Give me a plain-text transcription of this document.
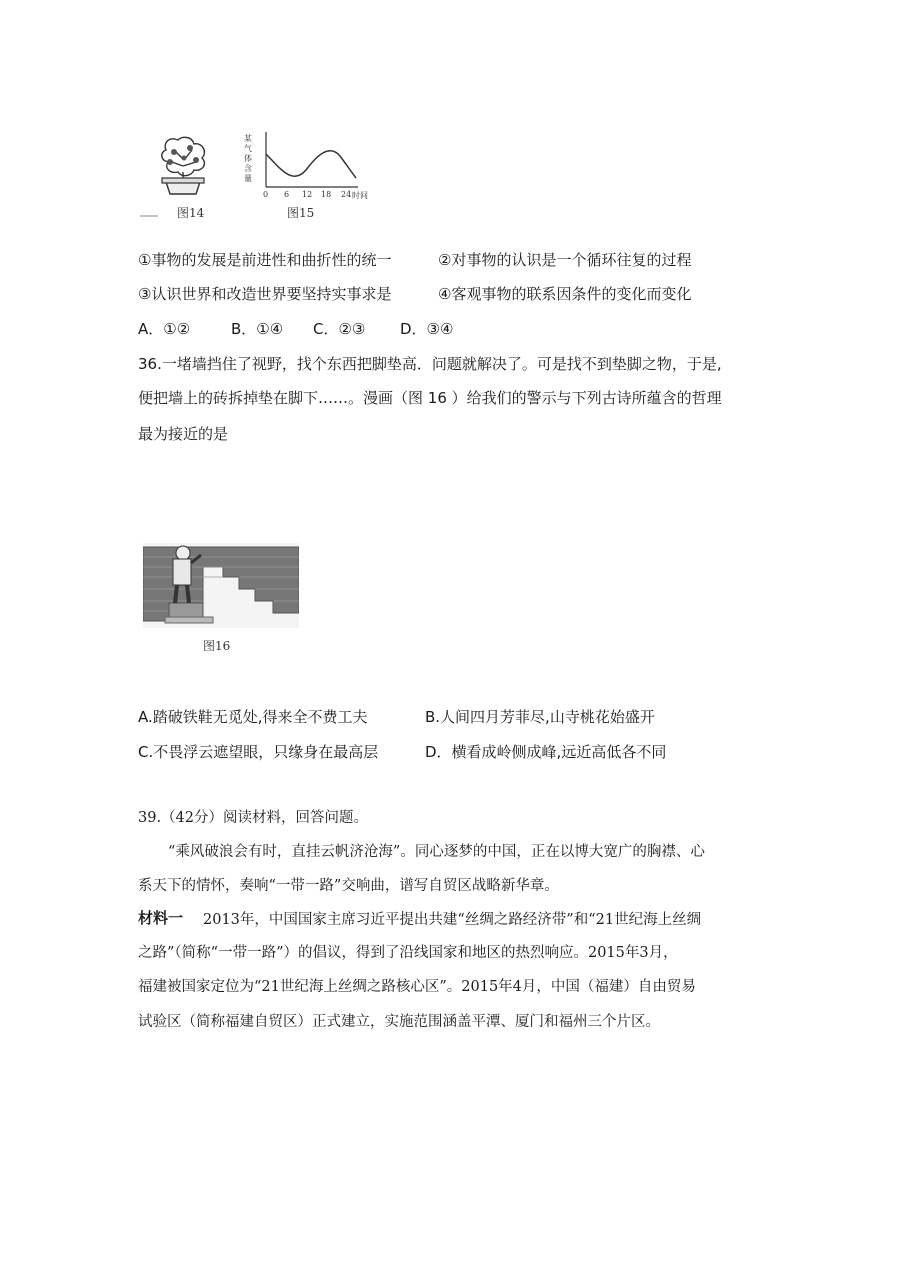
图14
某气体含量
0 6 12 18 24 时间
图15
①事物的发展是前进性和曲折性的统一	②对事物的认识是一个循环往复的过程
③认识世界和改造世界要坚持实事求是	④客观事物的联系因条件的变化而变化
A．①②	B．①④ C．②③ D．③④
36.一堵墙挡住了视野，找个东西把脚垫高．问题就解决了。可是找不到垫脚之物，于是,
便把墙上的砖拆掉垫在脚下……。漫画（图 16 ）给我们的警示与下列古诗所蕴含的哲理
最为接近的是
图16
A.踏破铁鞋无觅处,得来全不费工夫	B.人间四月芳菲尽,山寺桃花始盛开
C.不畏浮云遮望眼，只缘身在最高层	D．横看成岭侧成峰,远近高低各不同
39.（42分）阅读材料，回答问题。
“乘风破浪会有时，直挂云帆济沧海”。同心逐梦的中国，正在以博大宽广的胸襟、心
系天下的情怀，奏响“一带一路”交响曲，谱写自贸区战略新华章。
材料一 2013年，中国国家主席习近平提出共建“丝绸之路经济带”和“21世纪海上丝绸
之路”（简称“一带一路”）的倡议，得到了沿线国家和地区的热烈响应。2015年3月，
福建被国家定位为“21世纪海上丝绸之路核心区”。2015年4月，中国（福建）自由贸易
试验区（简称福建自贸区）正式建立，实施范围涵盖平潭、厦门和福州三个片区。
